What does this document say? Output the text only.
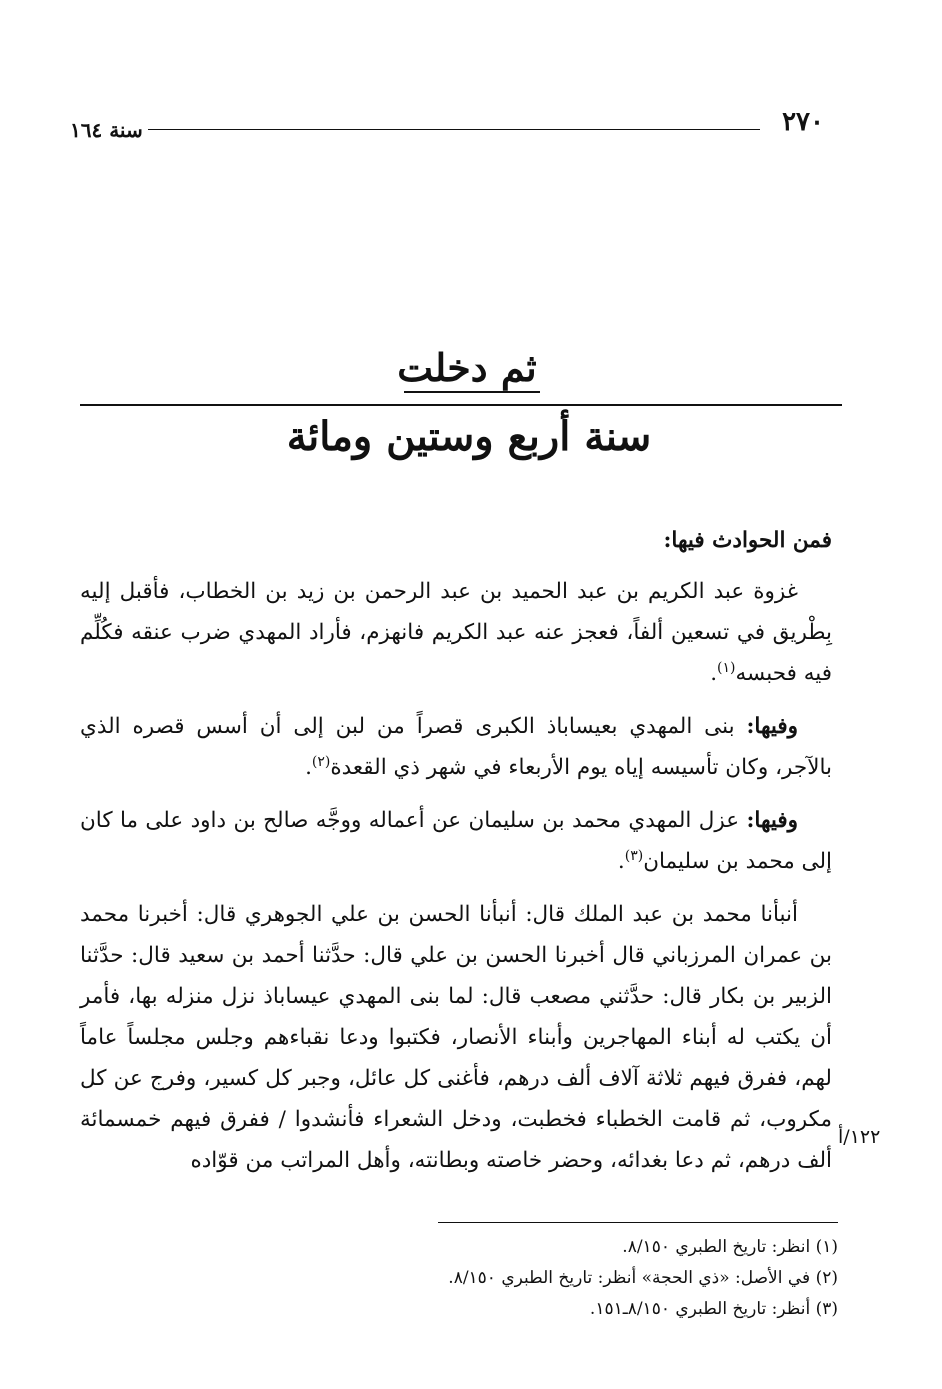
٢٧٠
سنة ١٦٤
ثم دخلت
سنة أربع وستين ومائة

فمن الحوادث فيها:

غزوة عبد الكريم بن عبد الحميد بن عبد الرحمن بن زيد بن الخطاب، فأقبل إليه بِطْريق في تسعين ألفاً، فعجز عنه عبد الكريم فانهزم، فأراد المهدي ضرب عنقه فكُلِّم فيه فحبسه$^{(١)}$.

وفيها: بنى المهدي بعيساباذ الكبرى قصراً من لبن إلى أن أسس قصره الذي بالآجر، وكان تأسيسه إياه يوم الأربعاء في شهر ذي القعدة$^{(٢)}$.

وفيها: عزل المهدي محمد بن سليمان عن أعماله ووجَّه صالح بن داود على ما كان إلى محمد بن سليمان$^{(٣)}$.

أنبأنا محمد بن عبد الملك قال: أنبأنا الحسن بن علي الجوهري قال: أخبرنا محمد بن عمران المرزباني قال أخبرنا الحسن بن علي قال: حدَّثنا أحمد بن سعيد قال: حدَّثنا الزبير بن بكار قال: حدَّثني مصعب قال: لما بنى المهدي عيساباذ نزل منزله بها، فأمر أن يكتب له أبناء المهاجرين وأبناء الأنصار، فكتبوا ودعا نقباءهم وجلس مجلساً عاماً لهم، ففرق فيهم ثلاثة آلاف ألف درهم، فأغنى كل عائل، وجبر كل كسير، وفرج عن كل مكروب، ثم قامت الخطباء فخطبت، ودخل الشعراء فأنشدوا / ففرق فيهم خمسمائة ألف درهم، ثم دعا بغدائه، وحضر خاصته وبطانته، وأهل المراتب من قوّاده

١٢٢/أ
(١) انظر: تاريخ الطبري ٨/١٥٠.
(٢) في الأصل: «ذي الحجة» أنظر: تاريخ الطبري ٨/١٥٠.
(٣) أنظر: تاريخ الطبري ٨/١٥٠ـ١٥١.
